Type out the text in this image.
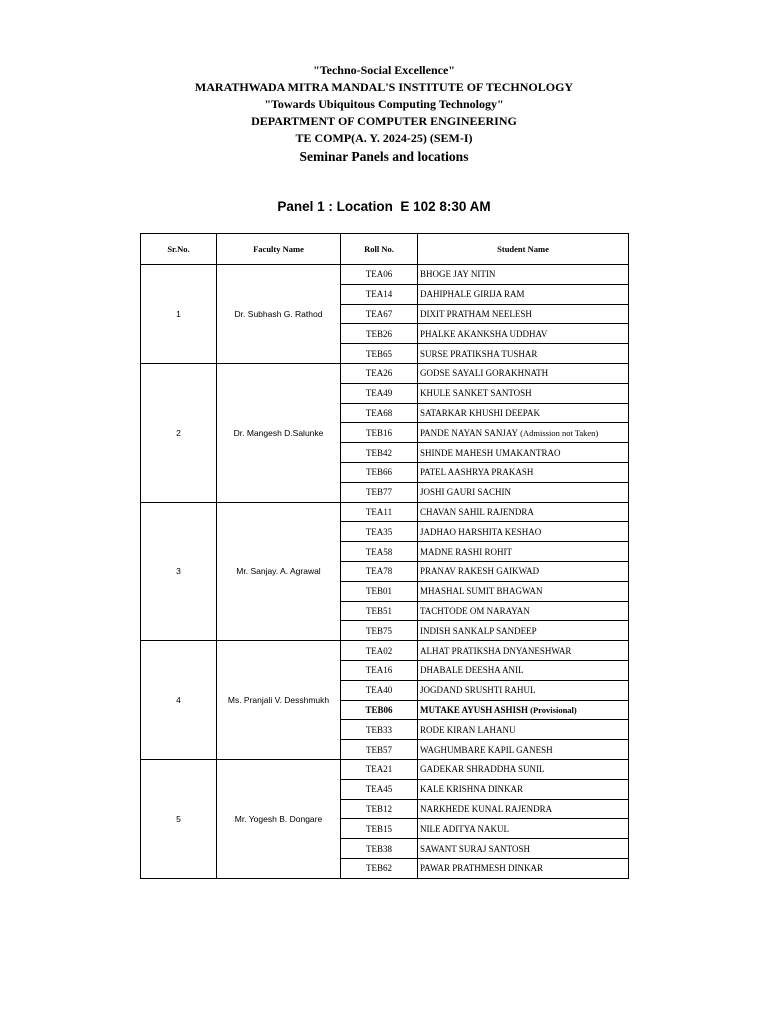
"Techno-Social Excellence"
MARATHWADA MITRA MANDAL'S INSTITUTE OF TECHNOLOGY
"Towards Ubiquitous Computing Technology"
DEPARTMENT OF COMPUTER ENGINEERING
TE COMP(A. Y. 2024-25) (SEM-I)
Seminar Panels and locations
Panel 1 : Location  E 102 8:30 AM
Sr.No.	Faculty Name	Roll No.	Student Name
1	Dr. Subhash G. Rathod	TEA06	BHOGE JAY NITIN
		TEA14	DAHIPHALE GIRIJA RAM
		TEA67	DIXIT PRATHAM NEELESH
		TEB26	PHALKE AKANKSHA UDDHAV
		TEB65	SURSE PRATIKSHA TUSHAR
2	Dr. Mangesh D.Salunke	TEA26	GODSE SAYALI GORAKHNATH
		TEA49	KHULE SANKET SANTOSH
		TEA68	SATARKAR KHUSHI DEEPAK
		TEB16	PANDE NAYAN SANJAY (Admission not Taken)
		TEB42	SHINDE MAHESH UMAKANTRAO
		TEB66	PATEL AASHRYA PRAKASH
		TEB77	JOSHI GAURI SACHIN
3	Mr. Sanjay. A. Agrawal	TEA11	CHAVAN SAHIL RAJENDRA
		TEA35	JADHAO HARSHITA KESHAO
		TEA58	MADNE RASHI ROHIT
		TEA78	PRANAV RAKESH GAIKWAD
		TEB01	MHASHAL SUMIT BHAGWAN
		TEB51	TACHTODE OM NARAYAN
		TEB75	INDISH SANKALP SANDEEP
4	Ms. Pranjali V. Desshmukh	TEA02	ALHAT PRATIKSHA DNYANESHWAR
		TEA16	DHABALE DEESHA ANIL
		TEA40	JOGDAND SRUSHTI RAHUL
		TEB06	MUTAKE AYUSH ASHISH (Provisional)
		TEB33	RODE KIRAN LAHANU
		TEB57	WAGHUMBARE KAPIL GANESH
5	Mr. Yogesh B. Dongare	TEA21	GADEKAR SHRADDHA SUNIL
		TEA45	KALE KRISHNA DINKAR
		TEB12	NARKHEDE KUNAL RAJENDRA
		TEB15	NILE ADITYA NAKUL
		TEB38	SAWANT SURAJ SANTOSH
		TEB62	PAWAR PRATHMESH DINKAR
